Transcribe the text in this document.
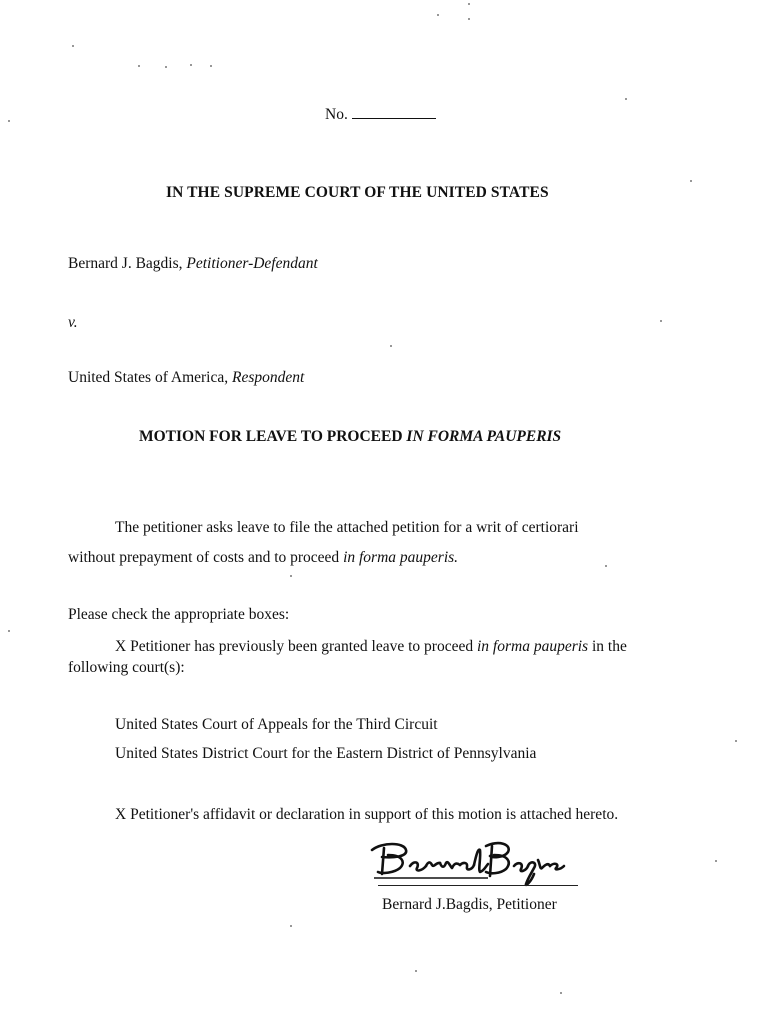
No.
IN THE SUPREME COURT OF THE UNITED STATES
Bernard J. Bagdis, Petitioner-Defendant
v.
United States of America, Respondent
MOTION FOR LEAVE TO PROCEED IN FORMA PAUPERIS
The petitioner asks leave to file the attached petition for a writ of certiorari
without prepayment of costs and to proceed in forma pauperis.
Please check the appropriate boxes:
X Petitioner has previously been granted leave to proceed in forma pauperis in the
following court(s):
United States Court of Appeals for the Third Circuit
United States District Court for the Eastern District of Pennsylvania
X Petitioner's affidavit or declaration in support of this motion is attached hereto.
Bernard J.Bagdis, Petitioner
